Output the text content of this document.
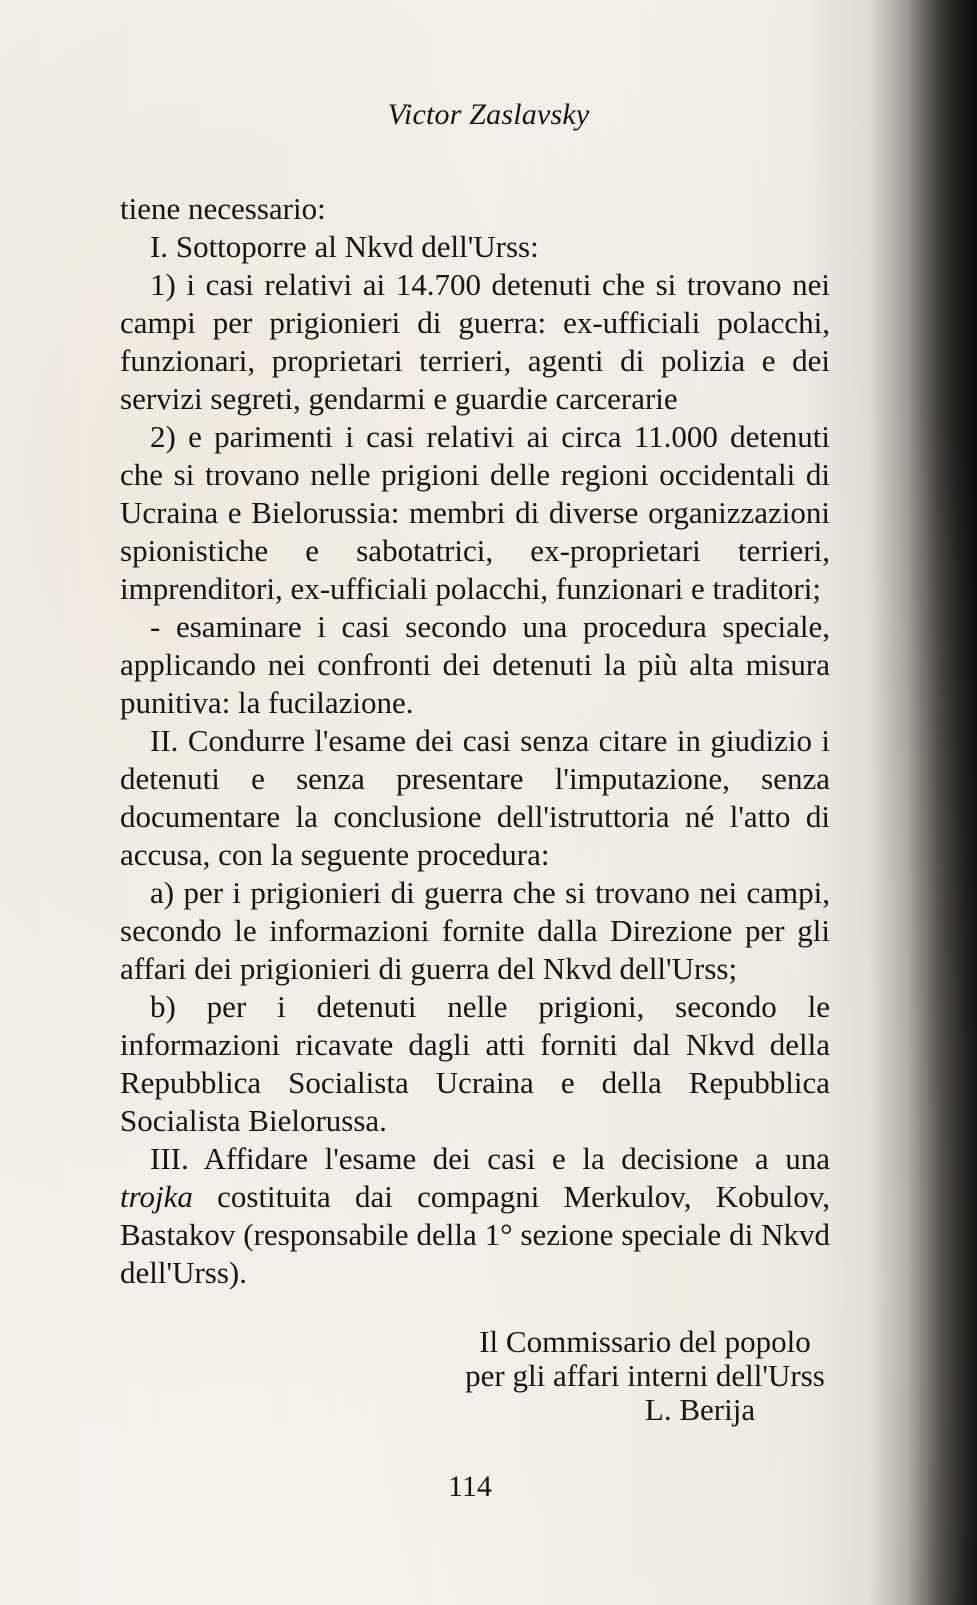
Victor Zaslavsky

tiene necessario:

I. Sottoporre al Nkvd dell'Urss:

1) i casi relativi ai 14.700 detenuti che si trovano nei campi per prigionieri di guerra: ex-ufficiali polacchi, funzionari, proprietari terrieri, agenti di polizia e dei servizi segreti, gendarmi e guardie carcerarie

2) e parimenti i casi relativi ai circa 11.000 detenuti che si trovano nelle prigioni delle regioni occidentali di Ucraina e Bielorussia: membri di diverse organizzazioni spionistiche e sabotatrici, ex-proprietari terrieri, imprenditori, ex-ufficiali polacchi, funzionari e traditori;

- esaminare i casi secondo una procedura speciale, applicando nei confronti dei detenuti la più alta misura punitiva: la fucilazione.

II. Condurre l'esame dei casi senza citare in giudizio i detenuti e senza presentare l'imputazione, senza documentare la conclusione dell'istruttoria né l'atto di accusa, con la seguente procedura:

a) per i prigionieri di guerra che si trovano nei campi, secondo le informazioni fornite dalla Direzione per gli affari dei prigionieri di guerra del Nkvd dell'Urss;

b) per i detenuti nelle prigioni, secondo le informazioni ricavate dagli atti forniti dal Nkvd della Repubblica Socialista Ucraina e della Repubblica Socialista Bielorussa.

III. Affidare l'esame dei casi e la decisione a una trojka costituita dai compagni Merkulov, Kobulov, Bastakov (responsabile della 1° sezione speciale di Nkvd dell'Urss).

Il Commissario del popolo
per gli affari interni dell'Urss
L. Berija
114
